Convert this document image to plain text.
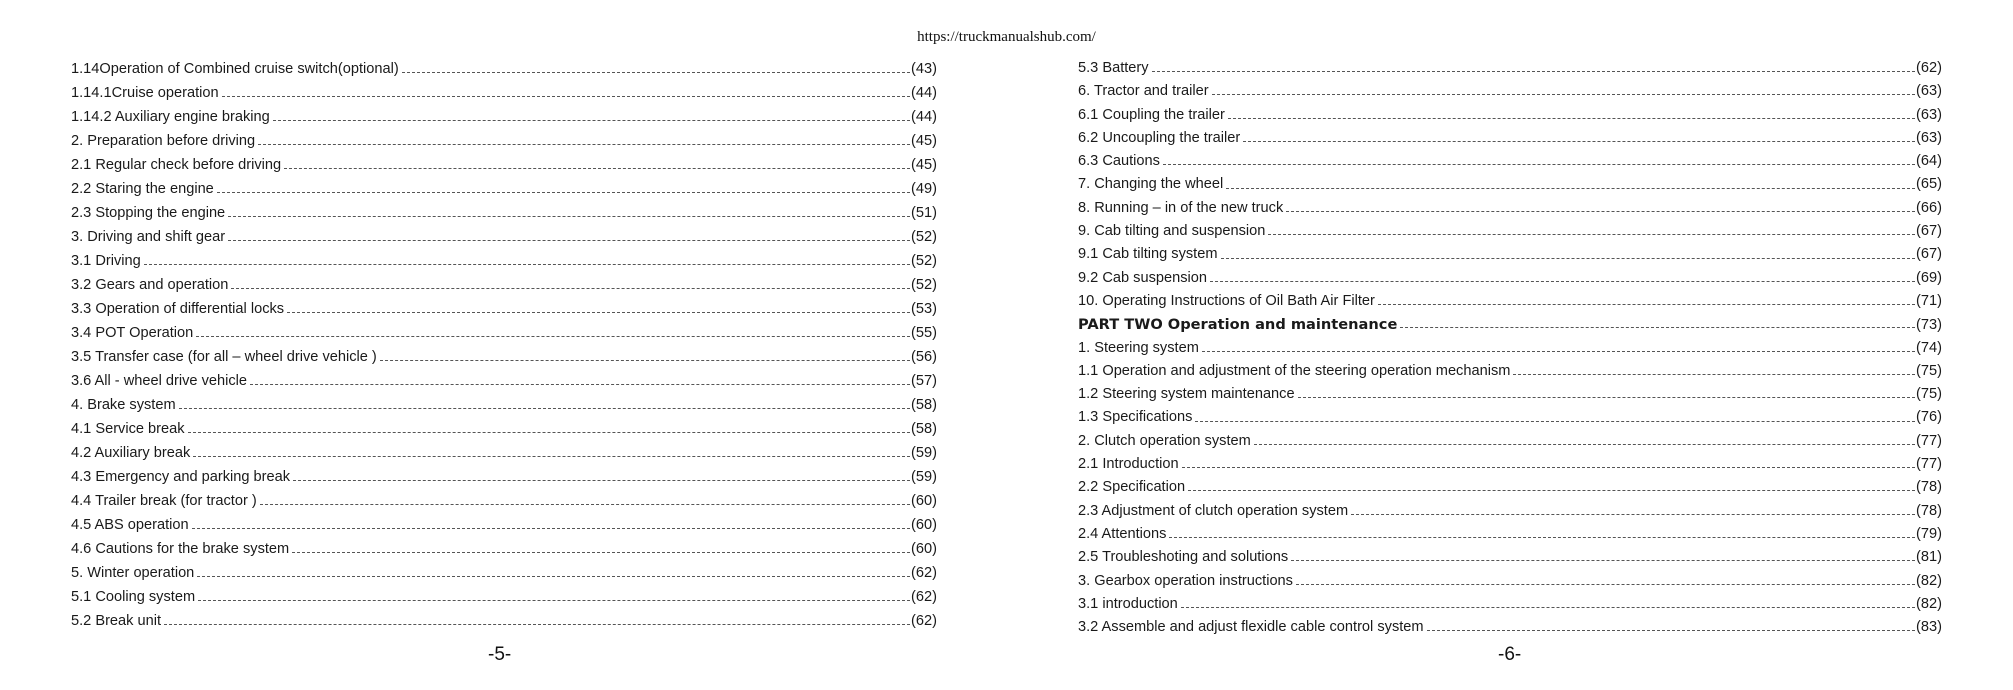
https://truckmanualshub.com/
1.14Operation of Combined cruise switch(optional)	(43)
1.14.1Cruise operation	(44)
1.14.2 Auxiliary engine braking	(44)
2. Preparation before driving	(45)
2.1 Regular check before driving	(45)
2.2 Staring the engine	(49)
2.3 Stopping the engine	(51)
3. Driving and shift gear	(52)
3.1 Driving	(52)
3.2 Gears and operation	(52)
3.3 Operation of differential locks	(53)
3.4 POT Operation	(55)
3.5 Transfer case (for all – wheel drive vehicle )	(56)
3.6 All - wheel drive vehicle	(57)
4. Brake system	(58)
4.1 Service break	(58)
4.2 Auxiliary break	(59)
4.3 Emergency and parking break	(59)
4.4 Trailer break (for tractor )	(60)
4.5 ABS operation	(60)
4.6 Cautions for the brake system	(60)
5. Winter operation	(62)
5.1 Cooling system	(62)
5.2 Break unit	(62)
5.3 Battery	(62)
6. Tractor and trailer	(63)
6.1 Coupling the trailer	(63)
6.2 Uncoupling the trailer	(63)
6.3 Cautions	(64)
7. Changing the wheel	(65)
8. Running – in of the new truck	(66)
9. Cab tilting and suspension	(67)
9.1 Cab tilting system	(67)
9.2 Cab suspension	(69)
10. Operating Instructions of Oil Bath Air Filter	(71)
PART TWO Operation and maintenance	(73)
1. Steering system	(74)
1.1 Operation and adjustment of the steering operation mechanism	(75)
1.2 Steering system maintenance	(75)
1.3 Specifications	(76)
2. Clutch operation system	(77)
2.1 Introduction	(77)
2.2 Specification	(78)
2.3 Adjustment of clutch operation system	(78)
2.4 Attentions	(79)
2.5 Troubleshoting and solutions	(81)
3. Gearbox operation instructions	(82)
3.1 introduction	(82)
3.2 Assemble and adjust flexidle cable control system	(83)
-5-	-6-
